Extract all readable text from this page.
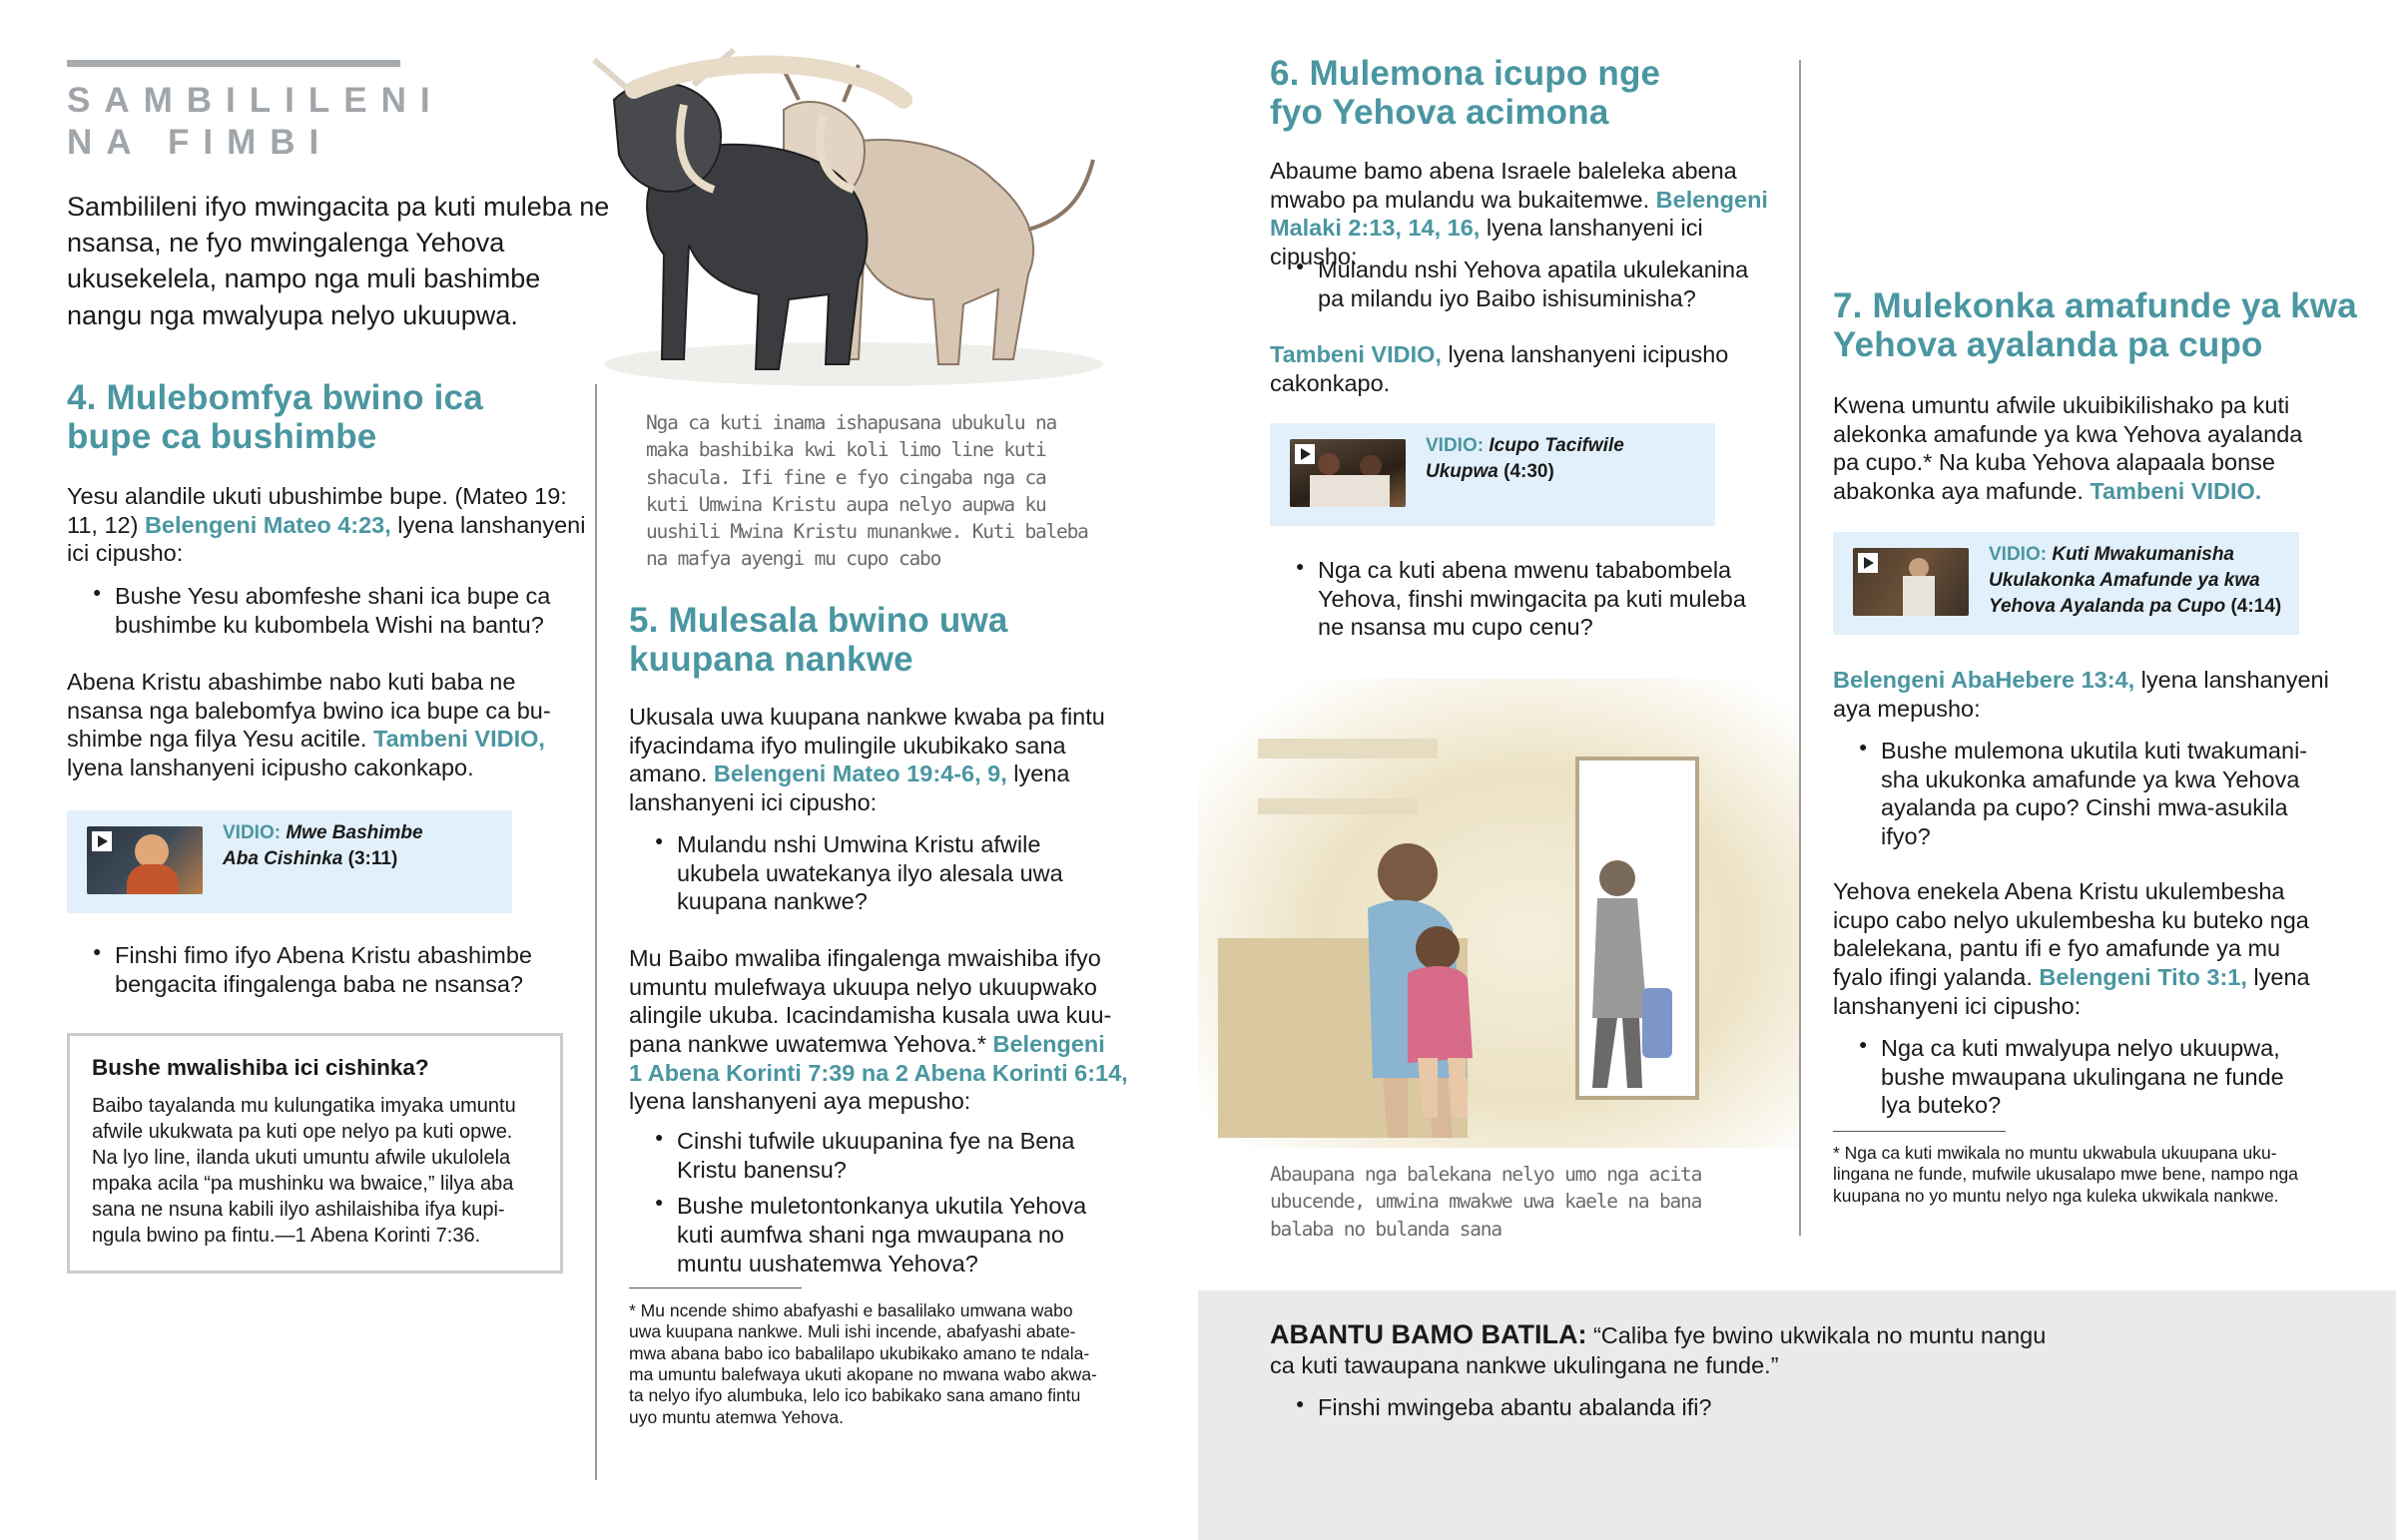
SAMBILILENI
NA FIMBI

Sambilileni ifyo mwingacita pa kuti muleba ne nsansa, ne fyo mwingalenga Yehova ukusekelela, nampo nga muli bashimbe nangu nga mwalyupa nelyo ukuupwa.

4. Mulebomfya bwino ica
bupe ca bushimbe
Yesu alandile ukuti ubushimbe bupe. (Mateo 19:
11, 12) Belengeni Mateo 4:23, lyena lanshanyeni
ici cipusho:
● Bushe Yesu abomfeshe shani ica bupe ca
bushimbe ku kubombela Wishi na bantu?
Abena Kristu abashimbe nabo kuti baba ne
nsansa nga balebomfya bwino ica bupe ca bu-
shimbe nga filya Yesu acitile. Tambeni VIDIO,
lyena lanshanyeni icipusho cakonkapo.
VIDIO: Mwe Bashimbe
Aba Cishinka (3:11)
● Finshi fimo ifyo Abena Kristu abashimbe
bengacita ifingalenga baba ne nsansa?
Bushe mwalishiba ici cishinka?
Baibo tayalanda mu kulungatika imyaka umuntu
afwile ukukwata pa kuti ope nelyo pa kuti opwe.
Na lyo line, ilanda ukuti umuntu afwile ukulolela
mpaka acila “pa mushinku wa bwaice,” lilya aba
sana ne nsuna kabili ilyo ashilaishiba ifya kupi-
ngula bwino pa fintu.—1 Abena Korinti 7:36.

Nga ca kuti inama ishapusana ubukulu na maka bashibika kwi koli limo line kuti shacula. Ifi fine e fyo cingaba nga ca kuti Umwina Kristu aupa nelyo aupwa ku uushili Mwina Kristu munankwe. Kuti baleba na mafya ayengi mu cupo cabo

5. Mulesala bwino uwa
kuupana nankwe
Ukusala uwa kuupana nankwe kwaba pa fintu
ifyacindama ifyo mulingile ukubikako sana
amano. Belengeni Mateo 19:4-6, 9, lyena
lanshanyeni ici cipusho:
● Mulandu nshi Umwina Kristu afwile
ukubela uwatekanya ilyo alesala uwa
kuupana nankwe?
Mu Baibo mwaliba ifingalenga mwaishiba ifyo
umuntu mulefwaya ukuupa nelyo ukuupwako
alingile ukuba. Icacindamisha kusala uwa kuu-
pana nankwe uwatemwa Yehova.* Belengeni
1 Abena Korinti 7:39 na 2 Abena Korinti 6:14,
lyena lanshanyeni aya mepusho:
● Cinshi tufwile ukuupanina fye na Bena
Kristu banensu?
● Bushe muletontonkanya ukutila Yehova
kuti aumfwa shani nga mwaupana no
muntu uushatemwa Yehova?
* Mu ncende shimo abafyashi e basalilako umwana wabo
uwa kuupana nankwe. Muli ishi incende, abafyashi abate-
mwa abana babo ico babalilapo ukubikako amano te ndala-
ma umuntu balefwaya ukuti akopane no mwana wabo akwa-
ta nelyo ifyo alumbuka, lelo ico babikako sana amano fintu
uyo muntu atemwa Yehova.
6. Mulemona icupo nge
fyo Yehova acimona
Abaume bamo abena Israele baleleka abena
mwabo pa mulandu wa bukaitemwe. Belengeni
Malaki 2:13, 14, 16, lyena lanshanyeni ici cipusho:
● Mulandu nshi Yehova apatila ukulekanina
pa milandu iyo Baibo ishisuminisha?
Tambeni VIDIO, lyena lanshanyeni icipusho
cakonkapo.
VIDIO: Icupo Tacifwile
Ukupwa (4:30)
● Nga ca kuti abena mwenu tababombela
Yehova, finshi mwingacita pa kuti muleba
ne nsansa mu cupo cenu?

Abaupana nga balekana nelyo umo nga acita ubucende, umwina mwakwe uwa kaele na bana balaba no bulanda sana

7. Mulekonka amafunde ya kwa
Yehova ayalanda pa cupo
Kwena umuntu afwile ukuibikilishako pa kuti
alekonka amafunde ya kwa Yehova ayalanda
pa cupo.* Na kuba Yehova alapaala bonse
abakonka aya mafunde. Tambeni VIDIO.
VIDIO: Kuti Mwakumanisha
Ukulakonka Amafunde ya kwa
Yehova Ayalanda pa Cupo (4:14)
Belengeni AbaHebere 13:4, lyena lanshanyeni
aya mepusho:
● Bushe mulemona ukutila kuti twakumani-
sha ukukonka amafunde ya kwa Yehova
ayalanda pa cupo? Cinshi mwa-asukila
ifyo?
Yehova enekela Abena Kristu ukulembesha
icupo cabo nelyo ukulembesha ku buteko nga
balelekana, pantu ifi e fyo amafunde ya mu
fyalo ifingi yalanda. Belengeni Tito 3:1, lyena
lanshanyeni ici cipusho:
● Nga ca kuti mwalyupa nelyo ukuupwa,
bushe mwaupana ukulingana ne funde
lya buteko?
* Nga ca kuti mwikala no muntu ukwabula ukuupana uku-
lingana ne funde, mufwile ukusalapo mwe bene, nampo nga
kuupana no yo muntu nelyo nga kuleka ukwikala nankwe.
ABANTU BAMO BATILA: “Caliba fye bwino ukwikala no muntu nangu
ca kuti tawaupana nankwe ukulingana ne funde.”
● Finshi mwingeba abantu abalanda ifi?
